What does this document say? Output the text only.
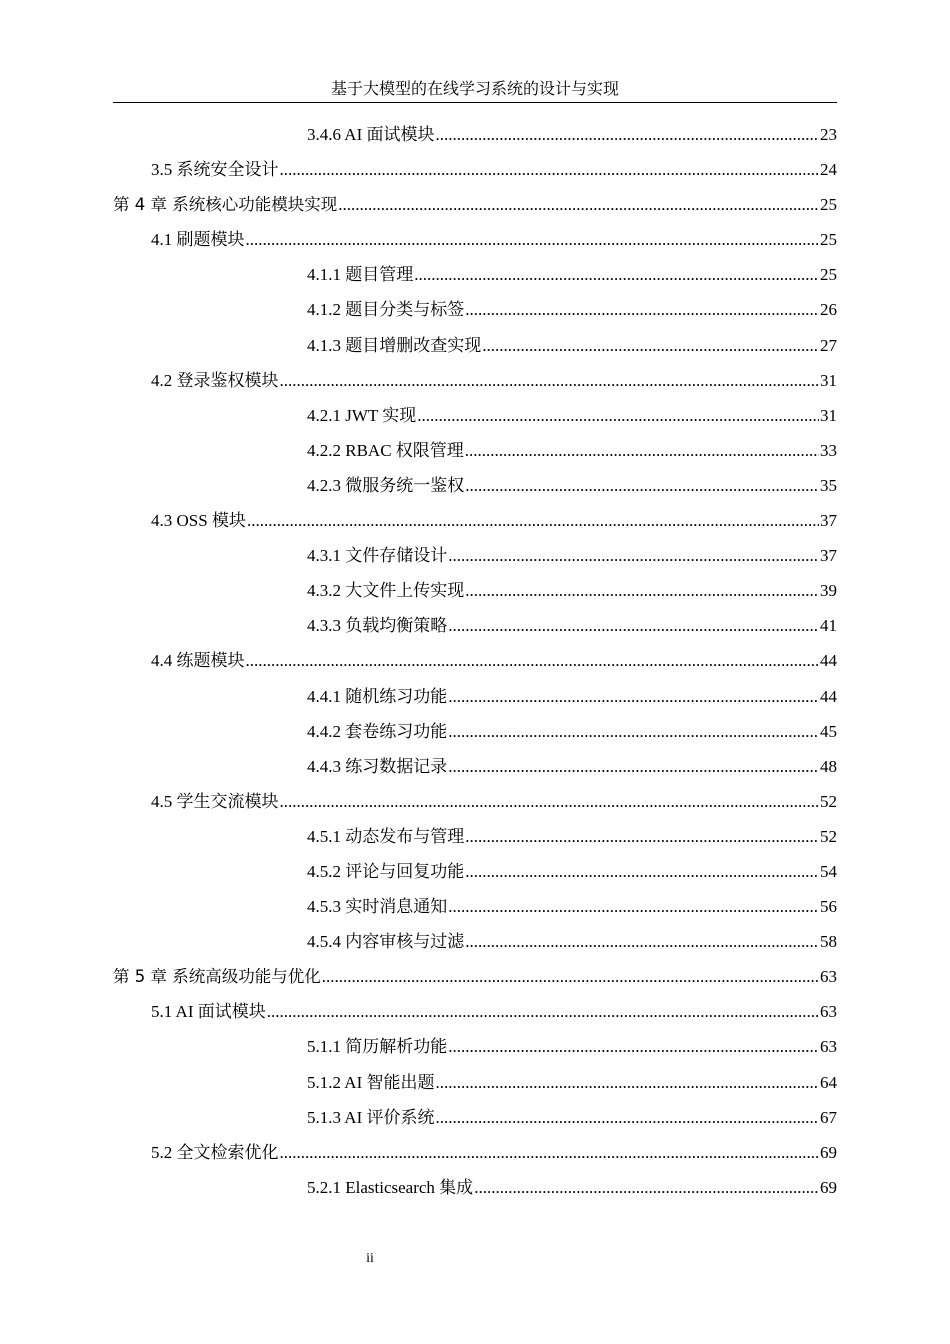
基于大模型的在线学习系统的设计与实现
3.4.6 AI 面试模块 .....	23
3.5 系统安全设计 .....	24
第 4 章 系统核心功能模块实现 .....	25
4.1 刷题模块 .....	25
4.1.1 题目管理 .....	25
4.1.2 题目分类与标签 .....	26
4.1.3 题目增删改查实现 .....	27
4.2 登录鉴权模块 .....	31
4.2.1 JWT 实现 .....	31
4.2.2 RBAC 权限管理 .....	33
4.2.3 微服务统一鉴权 .....	35
4.3 OSS 模块 .....	37
4.3.1 文件存储设计 .....	37
4.3.2 大文件上传实现 .....	39
4.3.3 负载均衡策略 .....	41
4.4 练题模块 .....	44
4.4.1 随机练习功能 .....	44
4.4.2 套卷练习功能 .....	45
4.4.3 练习数据记录 .....	48
4.5 学生交流模块 .....	52
4.5.1 动态发布与管理 .....	52
4.5.2 评论与回复功能 .....	54
4.5.3 实时消息通知 .....	56
4.5.4 内容审核与过滤 .....	58
第 5 章 系统高级功能与优化 .....	63
5.1 AI 面试模块 .....	63
5.1.1 简历解析功能 .....	63
5.1.2 AI 智能出题 .....	64
5.1.3 AI 评价系统 .....	67
5.2 全文检索优化 .....	69
5.2.1 Elasticsearch 集成 .....	69
ii
